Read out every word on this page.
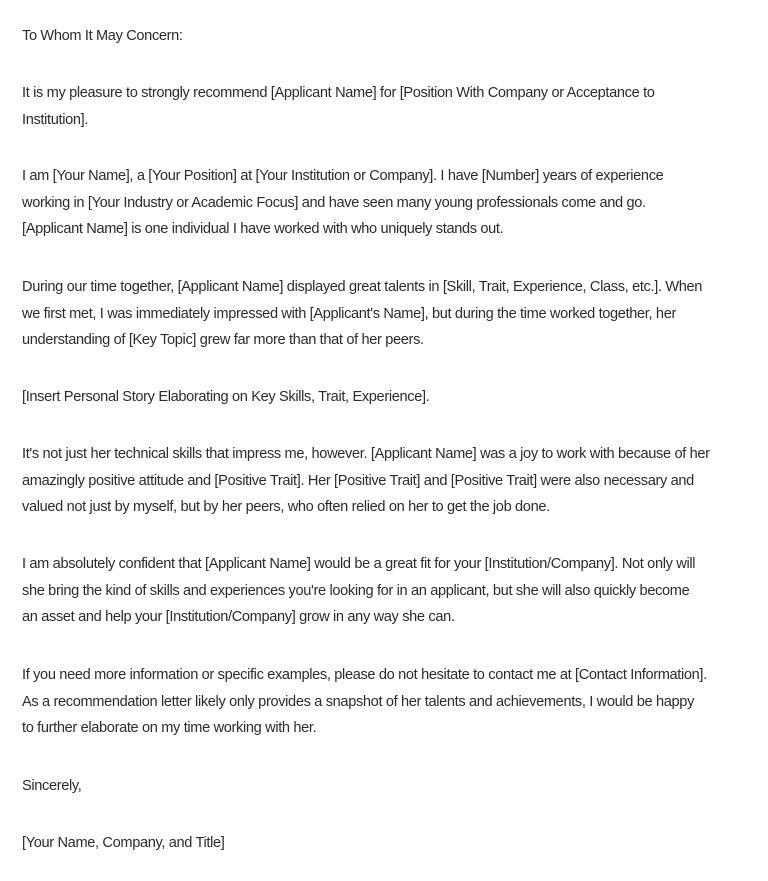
To Whom It May Concern:

It is my pleasure to strongly recommend [Applicant Name] for [Position With Company or Acceptance to
Institution].

I am [Your Name], a [Your Position] at [Your Institution or Company]. I have [Number] years of experience
working in [Your Industry or Academic Focus] and have seen many young professionals come and go.
[Applicant Name] is one individual I have worked with who uniquely stands out.

During our time together, [Applicant Name] displayed great talents in [Skill, Trait, Experience, Class, etc.]. When
we first met, I was immediately impressed with [Applicant's Name], but during the time worked together, her
understanding of [Key Topic] grew far more than that of her peers.

[Insert Personal Story Elaborating on Key Skills, Trait, Experience].

It's not just her technical skills that impress me, however. [Applicant Name] was a joy to work with because of her
amazingly positive attitude and [Positive Trait]. Her [Positive Trait] and [Positive Trait] were also necessary and
valued not just by myself, but by her peers, who often relied on her to get the job done.

I am absolutely confident that [Applicant Name] would be a great fit for your [Institution/Company]. Not only will
she bring the kind of skills and experiences you're looking for in an applicant, but she will also quickly become
an asset and help your [Institution/Company] grow in any way she can.

If you need more information or specific examples, please do not hesitate to contact me at [Contact Information].
As a recommendation letter likely only provides a snapshot of her talents and achievements, I would be happy
to further elaborate on my time working with her.

Sincerely,

[Your Name, Company, and Title]
